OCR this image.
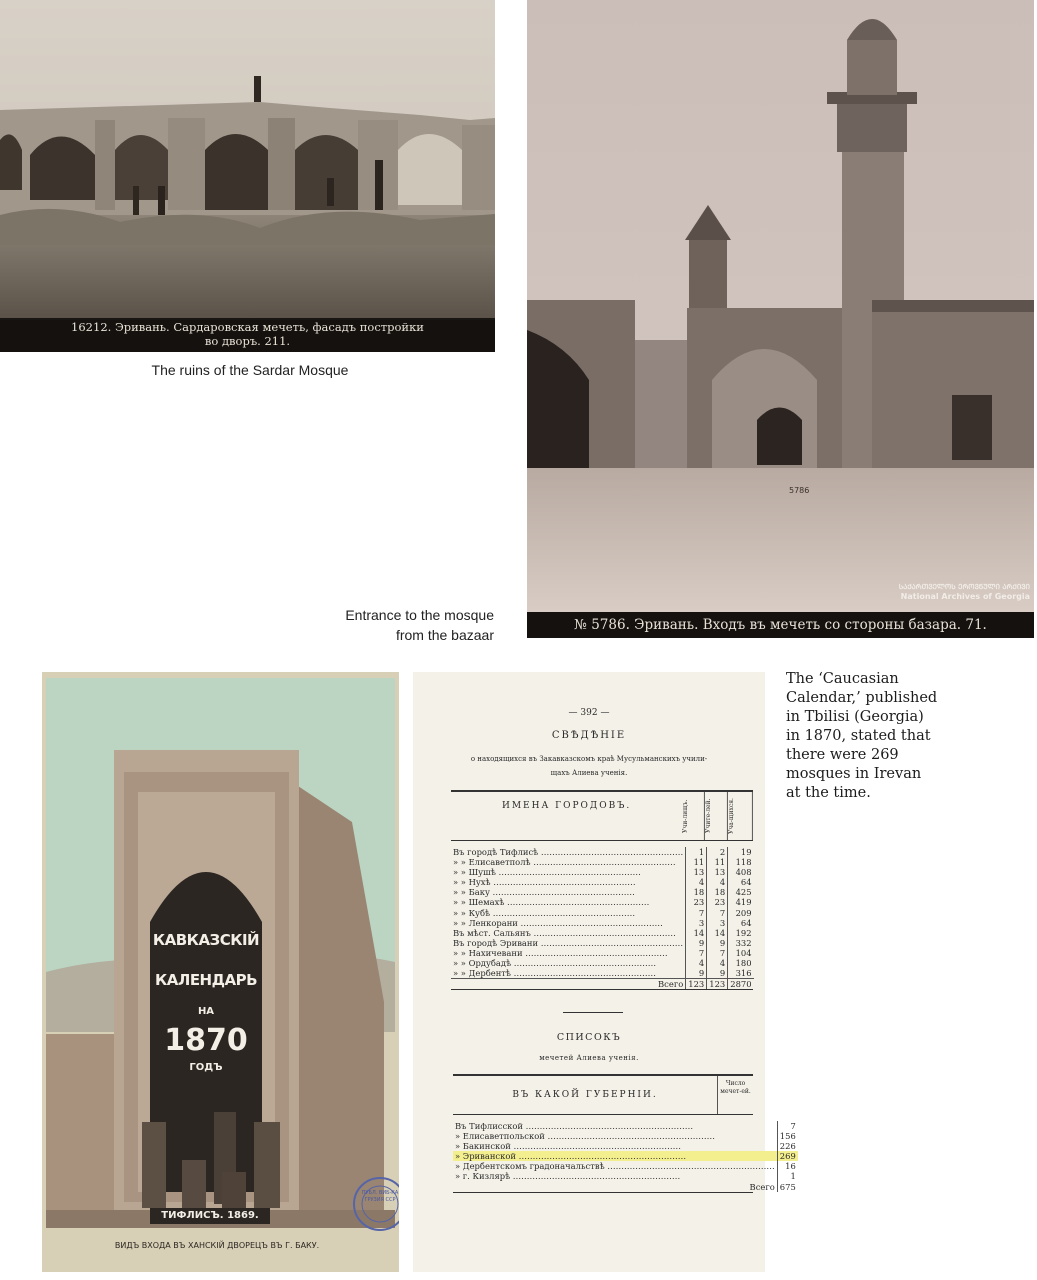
16212. Эривань. Сардаровская мечеть, фасадъ постройки
во дворъ. 211.
The ruins of the Sardar Mosque
5786
ᲡᲐᲥᲐᲠᲗᲕᲔᲚᲝᲡ ᲔᲠᲝᲕᲜᲣᲚᲘ ᲐᲠᲥᲘᲕᲘ
National Archives of Georgia
№ 5786. Эривань. Входъ въ мечеть со стороны базара. 71.
Entrance to the mosque
from the bazaar
КАВКАЗСКІЙ
КАЛЕНДАРЬ
НА
1870
ГОДЪ
ТИФЛИСЪ. 1869.
ВИДЪ ВХОДА ВЪ ХАНСКІЙ ДВОРЕЦЪ ВЪ Г. БАКУ.
ПУБЛ. ВИБ-КА ГРУЗИЯ ССР
— 392 —
СВѢДѢНІЕ
о находящихся въ Закавказскомъ краѣ Мусульманскихъ учили-
щахъ Алиева ученія.
ИМЕНА ГОРОДОВЪ.	Учи-лищъ.	Учите-лей.	Уча-щихся.
Въ городѣ Тифлисѣ ……………………………………………	1	2	19
» » Елисаветполѣ ……………………………………………	11	11	118
» » Шушѣ ……………………………………………	13	13	408
» » Нухѣ ……………………………………………	4	4	64
» » Баку ……………………………………………	18	18	425
» » Шемахѣ ……………………………………………	23	23	419
» » Кубѣ ……………………………………………	7	7	209
» » Ленкорани ……………………………………………	3	3	64
Въ мѣст. Сальянъ ……………………………………………	14	14	192
Въ городѣ Эривани ……………………………………………	9	9	332
» » Нахичевани ……………………………………………	7	7	104
» » Ордубадѣ ……………………………………………	4	4	180
» » Дербентѣ ……………………………………………	9	9	316
Всего	123	123	2870
СПИСОКЪ
мечетей Алиева ученія.
ВЪ КАКОЙ ГУБЕРНІИ.
Число мечет-ей.
Въ Тифлисской ……………………………………………………	7
» Елисаветпольской ……………………………………………………	156
» Бакинской ……………………………………………………	226
» Эриванской ……………………………………………………	269
» Дербентскомъ градоначальствѣ ……………………………………………………	16
» г. Кизлярѣ ……………………………………………………	1
Всего	675
The ‘Caucasian
Calendar,’ published
in Tbilisi (Georgia)
in 1870, stated that
there were 269
mosques in Irevan
at the time.
